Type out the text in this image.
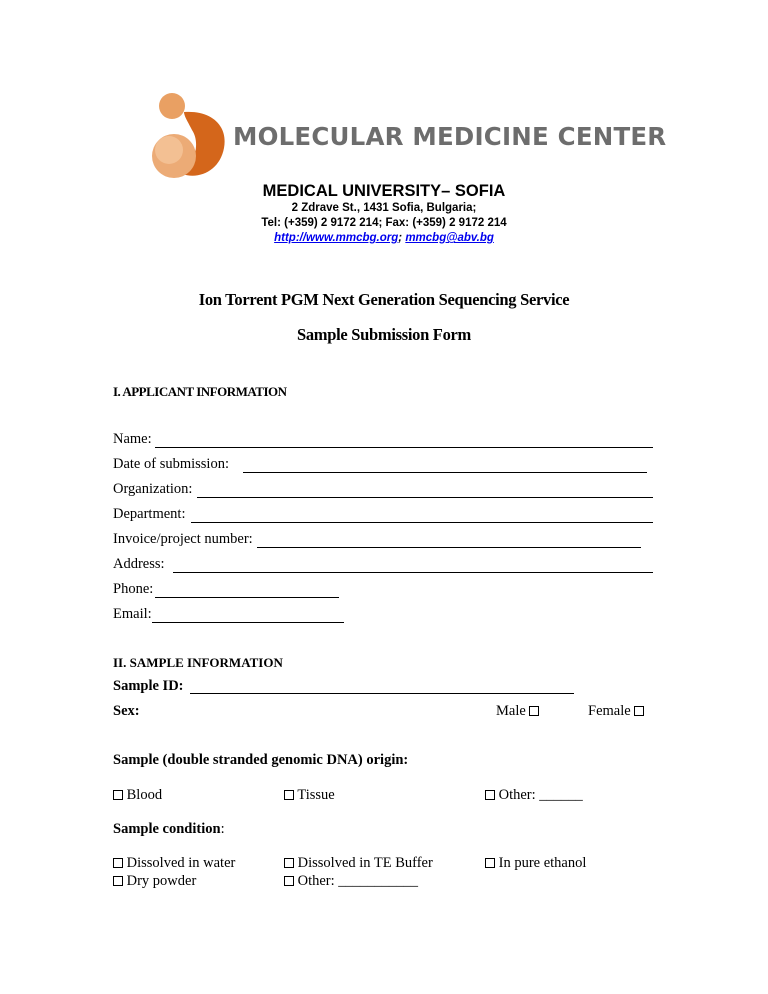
MOLECULAR MEDICINE CENTER
MEDICAL UNIVERSITY– SOFIA
2 Zdrave St., 1431 Sofia, Bulgaria;
Tel: (+359) 2 9172 214; Fax: (+359) 2 9172 214
http://www.mmcbg.org; mmcbg@abv.bg
Ion Torrent PGM Next Generation Sequencing Service
Sample Submission Form
I. APPLICANT INFORMATION
Name:
Date of submission:
Organization:
Department:
Invoice/project number:
Address:
Phone:
Email:
II. SAMPLE INFORMATION
Sample ID:
Sex:	Male	Female
Sample (double stranded genomic DNA) origin:
Blood	Tissue	Other: ______
Sample condition:
Dissolved in water	Dissolved in TE Buffer	In pure ethanol
Dry powder	Other: ___________
